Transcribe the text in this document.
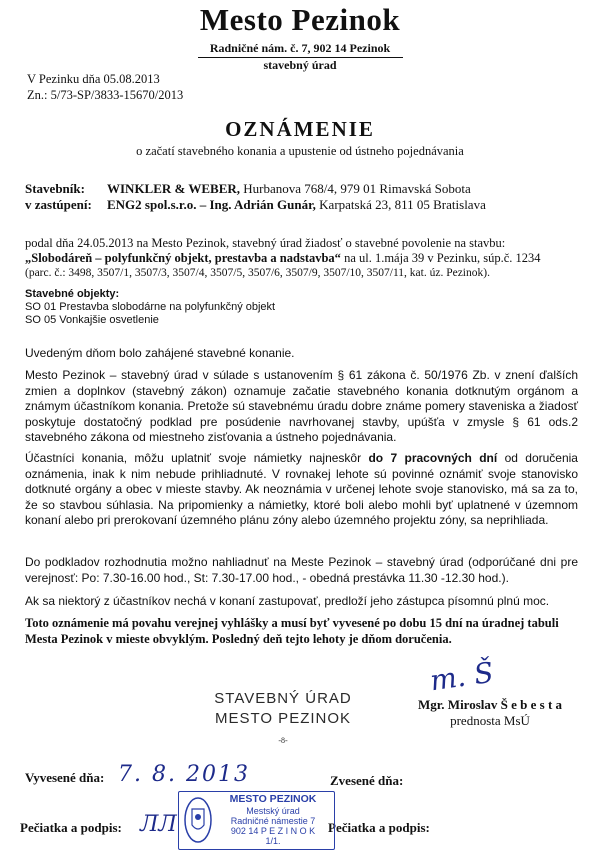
Mesto Pezinok
Radničné nám. č. 7, 902 14 Pezinok
stavebný úrad
V Pezinku dňa 05.08.2013
Zn.: 5/73-SP/3833-15670/2013
OZNÁMENIE
o začatí stavebného konania a upustenie od ústneho pojednávania
Stavebník: WINKLER & WEBER, Hurbanova 768/4, 979 01 Rimavská Sobota
v zastúpení: ENG2 spol.s.r.o. – Ing. Adrián Gunár, Karpatská 23, 811 05 Bratislava
podal dňa 24.05.2013 na Mesto Pezinok, stavebný úrad žiadosť o stavebné povolenie na stavbu:
„Slobodáreň – polyfunkčný objekt, prestavba a nadstavba“ na ul. 1.mája 39 v Pezinku, súp.č. 1234
(parc. č.: 3498, 3507/1, 3507/3, 3507/4, 3507/5, 3507/6, 3507/9, 3507/10, 3507/11, kat. úz. Pezinok).
Stavebné objekty:
SO 01 Prestavba slobodárne na polyfunkčný objekt
SO 05 Vonkajšie osvetlenie

Uvedeným dňom bolo zahájené stavebné konanie.

Mesto Pezinok – stavebný úrad v súlade s ustanovením § 61 zákona č. 50/1976 Zb. v znení ďalších zmien a doplnkov (stavebný zákon) oznamuje začatie stavebného konania dotknutým orgánom a známym účastníkom konania. Pretože sú stavebnému úradu dobre známe pomery staveniska a žiadosť poskytuje dostatočný podklad pre posúdenie navrhovanej stavby, upúšťa v zmysle § 61 ods.2 stavebného zákona od miestneho zisťovania a ústneho pojednávania.

Účastníci konania, môžu uplatniť svoje námietky najneskôr do 7 pracovných dní od doručenia oznámenia, inak k nim nebude prihliadnuté. V rovnakej lehote sú povinné oznámiť svoje stanovisko dotknuté orgány a obec v mieste stavby. Ak neoznámia v určenej lehote svoje stanovisko, má sa za to, že so stavbou súhlasia. Na pripomienky a námietky, ktoré boli alebo mohli byť uplatnené v územnom konaní alebo pri prerokovaní územného plánu zóny alebo územného projektu zóny, sa neprihliada.

Do podkladov rozhodnutia možno nahliadnuť na Meste Pezinok – stavebný úrad (odporúčané dni pre verejnosť: Po: 7.30-16.00 hod., St: 7.30-17.00 hod., - obedná prestávka 11.30 -12.30 hod.).

Ak sa niektorý z účastníkov nechá v konaní zastupovať, predloží jeho zástupca písomnú plnú moc.

Toto oznámenie má povahu verejnej vyhlášky a musí byť vyvesené po dobu 15 dní na úradnej tabuli Mesta Pezinok v mieste obvyklým. Posledný deň tejto lehoty je dňom doručenia.

STAVEBNÝ ÚRAD
MESTO PEZINOK
-8-
m. Š
Mgr. Miroslav Š e b e s t a
prednosta MsÚ
Vyvesené dňa: 7. 8. 2013	Zvesené dňa:
Pečiatka a podpis: ЛЛ	Pečiatka a podpis:
MESTO PEZINOK
Mestský úrad
Radničné námestie 7
902 14 P E Z I N O K
1/1.
